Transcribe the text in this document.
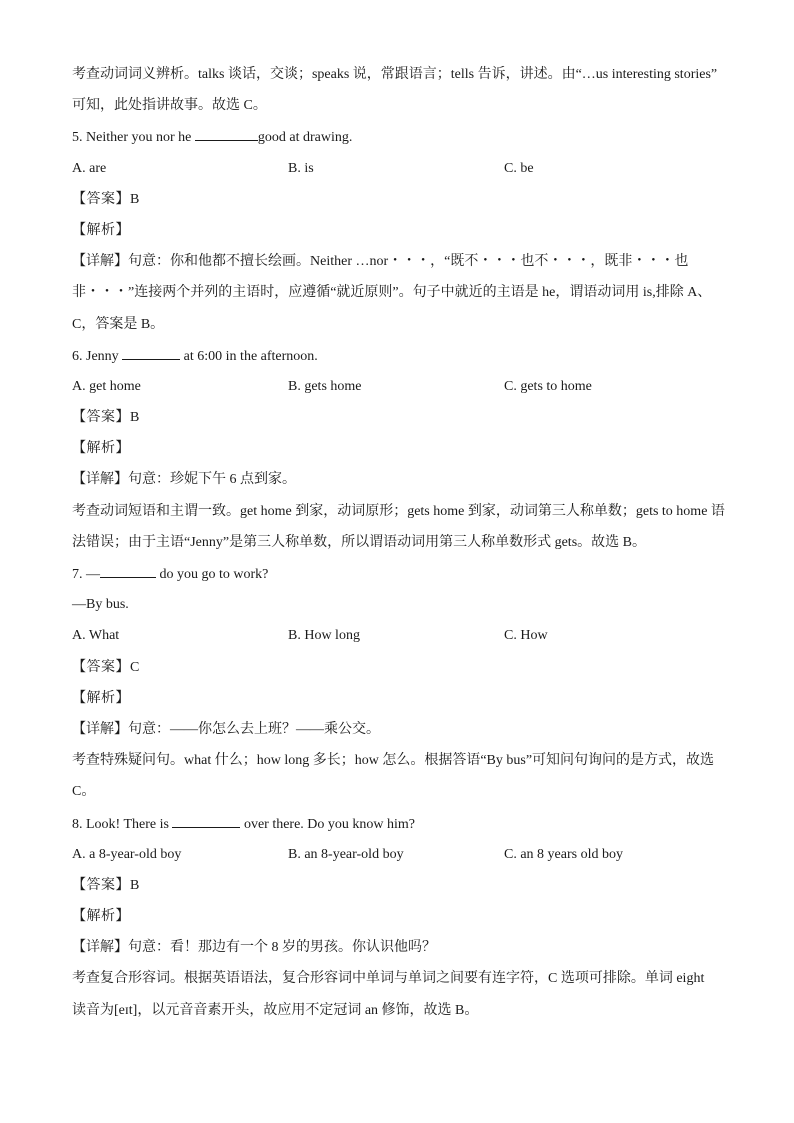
考查动词词义辨析。talks 谈话，交谈；speaks 说，常跟语言；tells 告诉，讲述。由“…us interesting stories”
可知，此处指讲故事。故选 C。
5. Neither you nor he	good at drawing.
A. are	B. is	C. be
【答案】B
【解析】
【详解】句意：你和他都不擅长绘画。Neither …nor・・・，“既不・・・也不・・・，既非・・・也
非・・・”连接两个并列的主语时，应遵循“就近原则”。句子中就近的主语是 he，谓语动词用 is,排除 A、
C，答案是 B。
6. Jenny	at 6:00 in the afternoon.
A. get home	B. gets home	C. gets to home
【答案】B
【解析】
【详解】句意：珍妮下午 6 点到家。
考查动词短语和主谓一致。get home 到家，动词原形；gets home 到家，动词第三人称单数；gets to home 语
法错误；由于主语“Jenny”是第三人称单数，所以谓语动词用第三人称单数形式 gets。故选 B。
7. —	do you go to work?
—By bus.
A. What	B. How long	C. How
【答案】C
【解析】
【详解】句意：——你怎么去上班？——乘公交。
考查特殊疑问句。what 什么；how long 多长；how 怎么。根据答语“By bus”可知问句询问的是方式，故选
C。
8. Look! There is	over there. Do you know him?
A. a 8-year-old boy	B. an 8-year-old boy	C. an 8 years old boy
【答案】B
【解析】
【详解】句意：看！那边有一个 8 岁的男孩。你认识他吗？
考查复合形容词。根据英语语法，复合形容词中单词与单词之间要有连字符，C 选项可排除。单词 eight
读音为[eɪt]，以元音音素开头，故应用不定冠词 an 修饰，故选 B。
